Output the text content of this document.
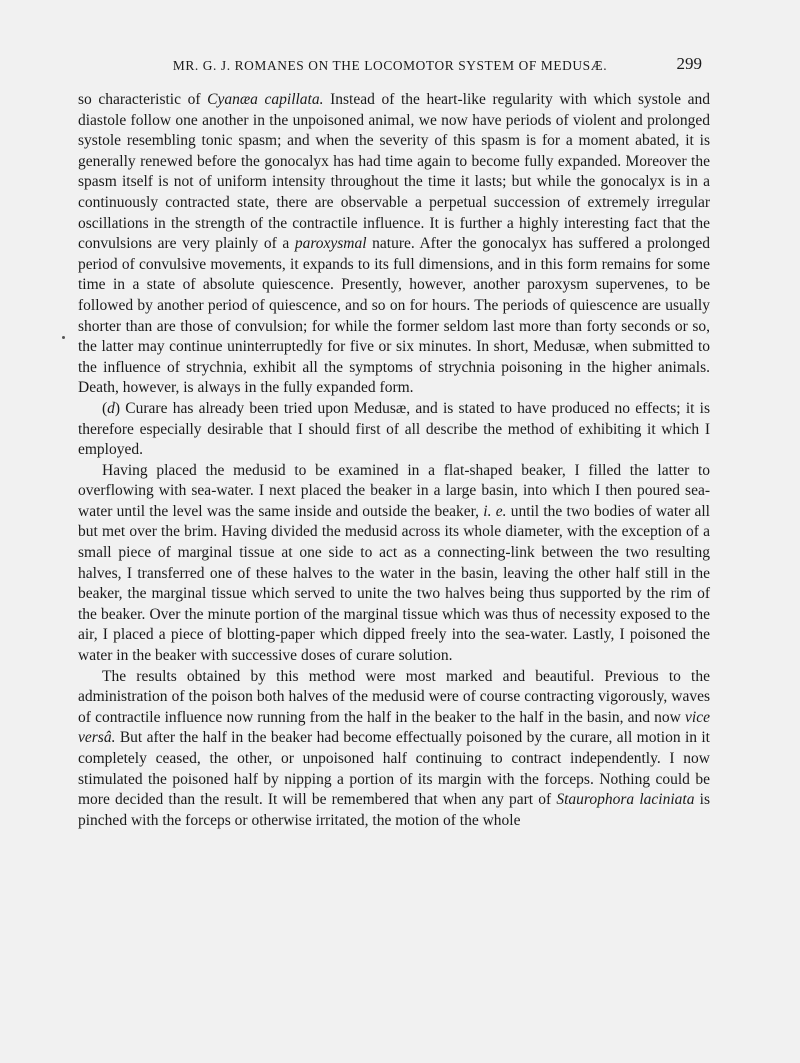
MR. G. J. ROMANES ON THE LOCOMOTOR SYSTEM OF MEDUSÆ.	299

so characteristic of Cyanæa capillata. Instead of the heart-like regularity with which systole and diastole follow one another in the unpoisoned animal, we now have periods of violent and prolonged systole resembling tonic spasm; and when the severity of this spasm is for a moment abated, it is generally renewed before the gonocalyx has had time again to become fully expanded. Moreover the spasm itself is not of uniform intensity throughout the time it lasts; but while the gonocalyx is in a continuously contracted state, there are observable a perpetual succession of extremely irregular oscillations in the strength of the contractile influence. It is further a highly interesting fact that the convulsions are very plainly of a paroxysmal nature. After the gonocalyx has suffered a prolonged period of convulsive movements, it expands to its full dimensions, and in this form remains for some time in a state of absolute quiescence. Presently, however, another paroxysm supervenes, to be followed by another period of quiescence, and so on for hours. The periods of quiescence are usually shorter than are those of convulsion; for while the former seldom last more than forty seconds or so, the latter may continue uninterruptedly for five or six minutes. In short, Medusæ, when submitted to the influence of strychnia, exhibit all the symptoms of strychnia poisoning in the higher animals. Death, however, is always in the fully expanded form.

(d) Curare has already been tried upon Medusæ, and is stated to have produced no effects; it is therefore especially desirable that I should first of all describe the method of exhibiting it which I employed.

Having placed the medusid to be examined in a flat-shaped beaker, I filled the latter to overflowing with sea-water. I next placed the beaker in a large basin, into which I then poured sea-water until the level was the same inside and outside the beaker, i. e. until the two bodies of water all but met over the brim. Having divided the medusid across its whole diameter, with the exception of a small piece of marginal tissue at one side to act as a connecting-link between the two resulting halves, I transferred one of these halves to the water in the basin, leaving the other half still in the beaker, the marginal tissue which served to unite the two halves being thus supported by the rim of the beaker. Over the minute portion of the marginal tissue which was thus of necessity exposed to the air, I placed a piece of blotting-paper which dipped freely into the sea-water. Lastly, I poisoned the water in the beaker with successive doses of curare solution.

The results obtained by this method were most marked and beautiful. Previous to the administration of the poison both halves of the medusid were of course contracting vigorously, waves of contractile influence now running from the half in the beaker to the half in the basin, and now vice versâ. But after the half in the beaker had become effectually poisoned by the curare, all motion in it completely ceased, the other, or unpoisoned half continuing to contract independently. I now stimulated the poisoned half by nipping a portion of its margin with the forceps. Nothing could be more decided than the result. It will be remembered that when any part of Staurophora laciniata is pinched with the forceps or otherwise irritated, the motion of the whole
